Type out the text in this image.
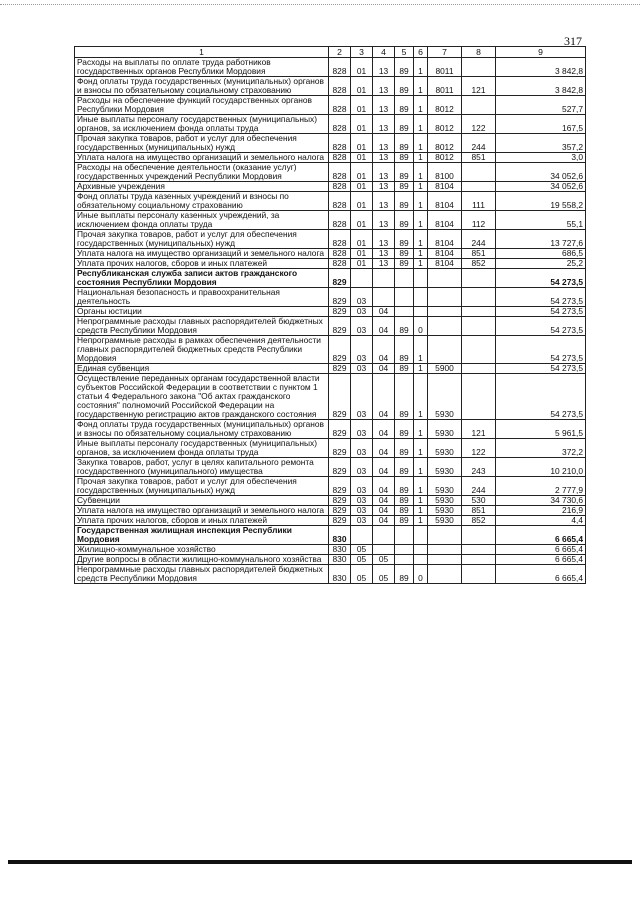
317
1	2	3	4	5	6	7	8	9
Расходы на выплаты по оплате труда работников государственных органов Республики Мордовия	828	01	13	89	1	8011		3 842,8
Фонд оплаты труда государственных (муниципальных) органов и взносы по обязательному социальному страхованию	828	01	13	89	1	8011	121	3 842,8
Расходы на обеспечение функций государственных органов Республики Мордовия	828	01	13	89	1	8012		527,7
Иные выплаты персоналу государственных (муниципальных) органов, за исключением фонда оплаты труда	828	01	13	89	1	8012	122	167,5
Прочая закупка товаров, работ и услуг для обеспечения государственных (муниципальных) нужд	828	01	13	89	1	8012	244	357,2
Уплата налога на имущество организаций и земельного налога	828	01	13	89	1	8012	851	3,0
Расходы на обеспечение деятельности (оказание услуг) государственных учреждений Республики Мордовия	828	01	13	89	1	8100		34 052,6
Архивные учреждения	828	01	13	89	1	8104		34 052,6
Фонд оплаты труда казенных учреждений и взносы по обязательному социальному страхованию	828	01	13	89	1	8104	111	19 558,2
Иные выплаты персоналу казенных учреждений, за исключением фонда оплаты труда	828	01	13	89	1	8104	112	55,1
Прочая закупка товаров, работ и услуг для обеспечения государственных (муниципальных) нужд	828	01	13	89	1	8104	244	13 727,6
Уплата налога на имущество организаций и земельного налога	828	01	13	89	1	8104	851	686,5
Уплата прочих налогов, сборов и иных платежей	828	01	13	89	1	8104	852	25,2
Республиканская служба записи актов гражданского состояния Республики Мордовия	829							54 273,5
Национальная безопасность и правоохранительная деятельность	829	03						54 273,5
Органы юстиции	829	03	04					54 273,5
Непрограммные расходы главных распорядителей бюджетных средств Республики Мордовия	829	03	04	89	0			54 273,5
Непрограммные расходы в рамках обеспечения деятельности главных распорядителей бюджетных средств Республики Мордовия	829	03	04	89	1			54 273,5
Единая субвенция	829	03	04	89	1	5900		54 273,5
Осуществление переданных органам государственной власти субъектов Российской Федерации в соответствии с пунктом 1 статьи 4 Федерального закона "Об актах гражданского состояния" полномочий Российской Федерации на государственную регистрацию актов гражданского состояния	829	03	04	89	1	5930		54 273,5
Фонд оплаты труда государственных (муниципальных) органов и взносы по обязательному социальному страхованию	829	03	04	89	1	5930	121	5 961,5
Иные выплаты персоналу государственных (муниципальных) органов, за исключением фонда оплаты труда	829	03	04	89	1	5930	122	372,2
Закупка товаров, работ, услуг в целях капитального ремонта государственного (муниципального) имущества	829	03	04	89	1	5930	243	10 210,0
Прочая закупка товаров, работ и услуг для обеспечения государственных (муниципальных) нужд	829	03	04	89	1	5930	244	2 777,9
Субвенции	829	03	04	89	1	5930	530	34 730,6
Уплата налога на имущество организаций и земельного налога	829	03	04	89	1	5930	851	216,9
Уплата прочих налогов, сборов и иных платежей	829	03	04	89	1	5930	852	4,4
Государственная жилищная инспекция Республики Мордовия	830							6 665,4
Жилищно-коммунальное хозяйство	830	05						6 665,4
Другие вопросы в области жилищно-коммунального хозяйства	830	05	05					6 665,4
Непрограммные расходы главных распорядителей бюджетных средств Республики Мордовия	830	05	05	89	0			6 665,4
